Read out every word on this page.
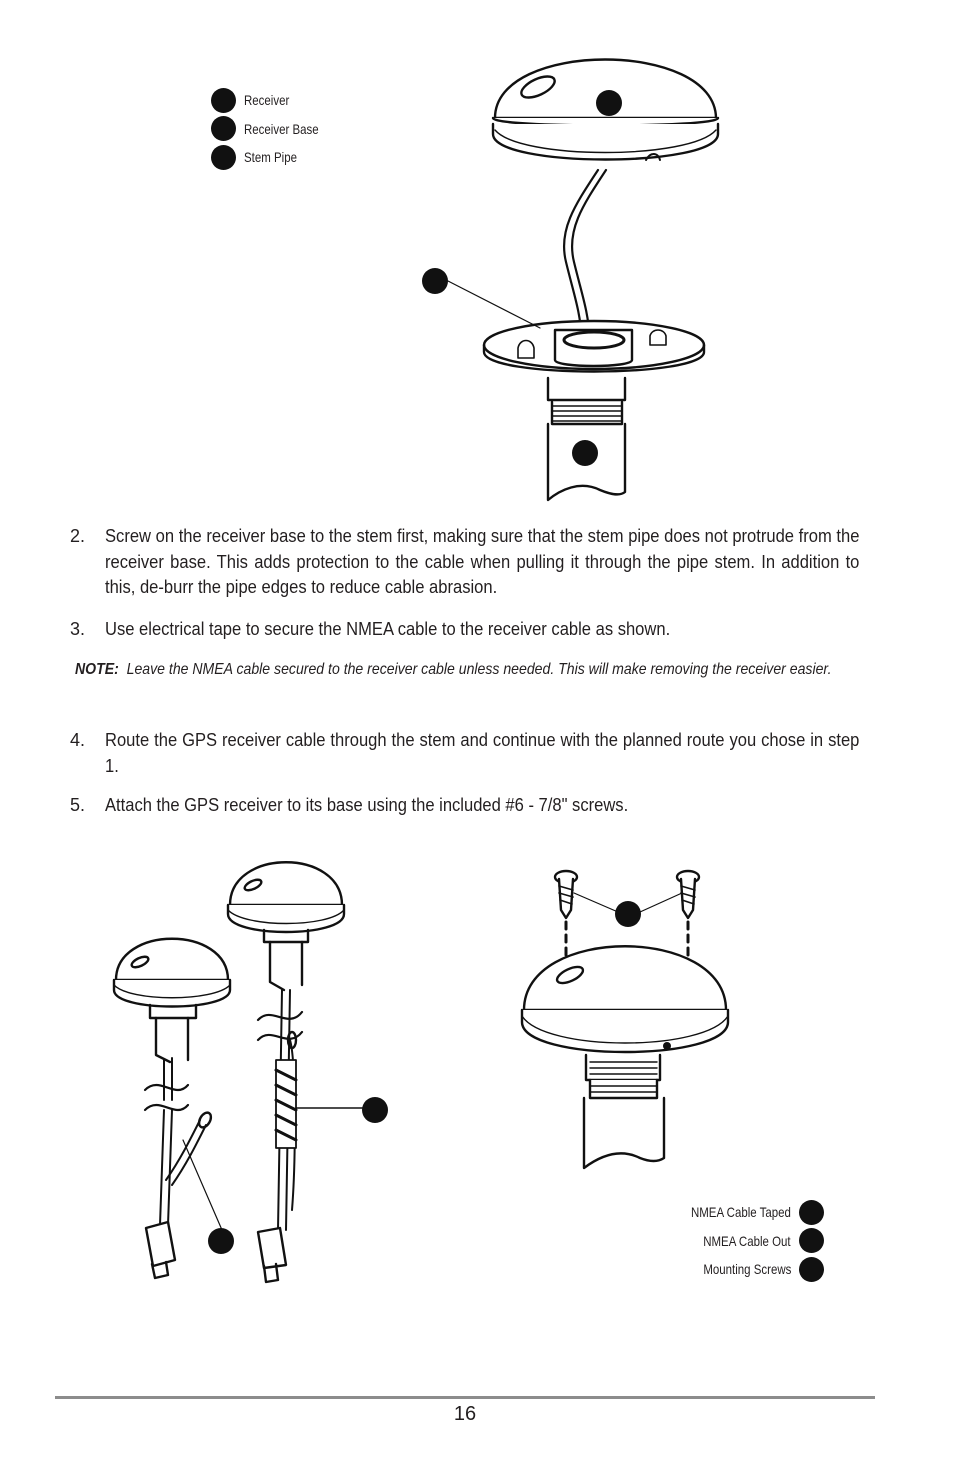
Receiver
Receiver Base
Stem Pipe
2. Screw on the receiver base to the stem first, making sure that the stem pipe does not protrude from the receiver base. This adds protection to the cable when pulling it through the pipe stem. In addition to this, de-burr the pipe edges to reduce cable abrasion.
3. Use electrical tape to secure the NMEA cable to the receiver cable as shown.
NOTE: Leave the NMEA cable secured to the receiver cable unless needed. This will make removing the receiver easier.
4. Route the GPS receiver cable through the stem and continue with the planned route you chose in step 1.
5. Attach the GPS receiver to its base using the included #6 - 7/8" screws.
NMEA Cable Taped
NMEA Cable Out
Mounting Screws
16
